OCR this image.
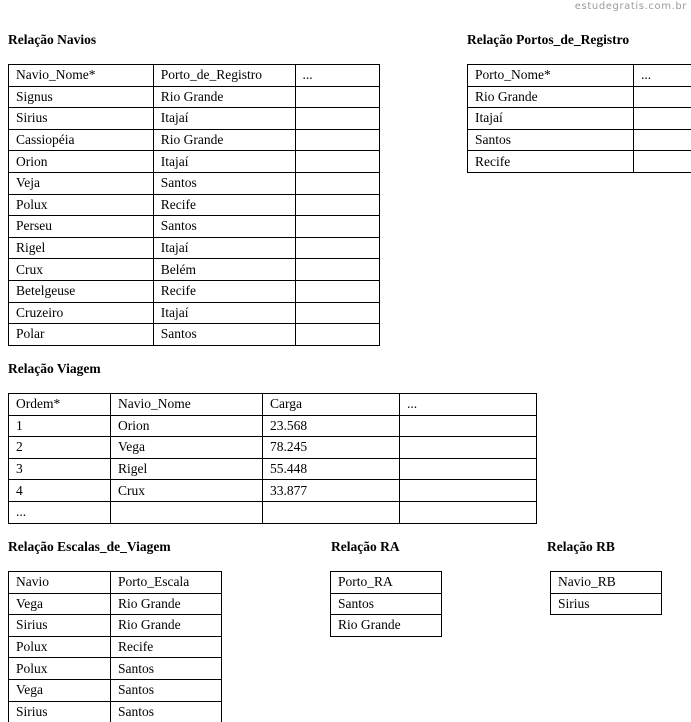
estudegratis.com.br
Relação Navios
Navio_Nome*	Porto_de_Registro	...
Signus	Rio Grande	
Sirius	Itajaí	
Cassiopéia	Rio Grande	
Orion	Itajaí	
Veja	Santos	
Polux	Recife	
Perseu	Santos	
Rigel	Itajaí	
Crux	Belém	
Betelgeuse	Recife	
Cruzeiro	Itajaí	
Polar	Santos	
Relação Portos_de_Registro
Porto_Nome*	...
Rio Grande	
Itajaí	
Santos	
Recife	
Relação Viagem
Ordem*	Navio_Nome	Carga	...
1	Orion	23.568	
2	Vega	78.245	
3	Rigel	55.448	
4	Crux	33.877	
...			
Relação Escalas_de_Viagem
Navio	Porto_Escala
Vega	Rio Grande
Sirius	Rio Grande
Polux	Recife
Polux	Santos
Vega	Santos
Sirius	Santos
Relação RA
Porto_RA
Santos
Rio Grande
Relação RB
Navio_RB
Sirius
